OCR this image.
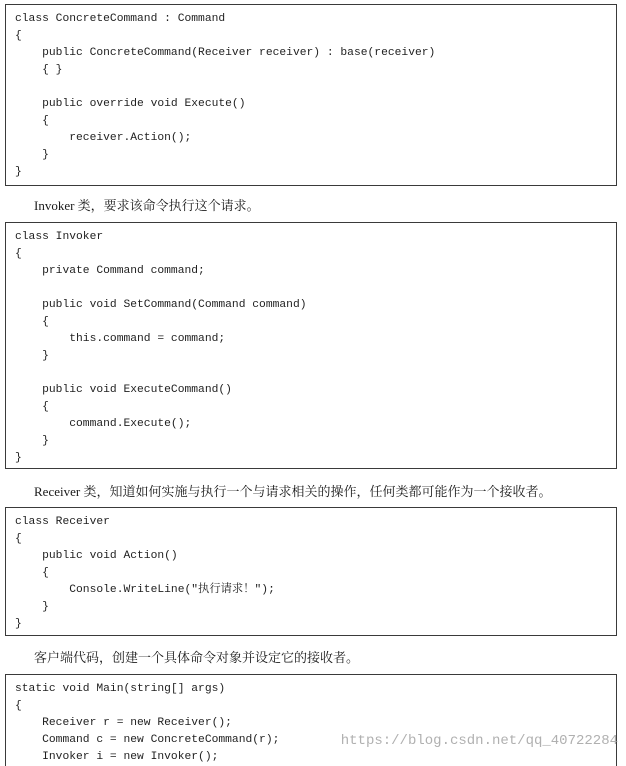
class ConcreteCommand : Command
{
public ConcreteCommand(Receiver receiver) : base(receiver)
{ }
public override void Execute()
{
receiver.Action();
}
}

Invoker 类，要求该命令执行这个请求。

class Invoker
{
private Command command;
public void SetCommand(Command command)
{
this.command = command;
}
public void ExecuteCommand()
{
command.Execute();
}
}

Receiver 类，知道如何实施与执行一个与请求相关的操作，任何类都可能作为一个接收者。

class Receiver
{
public void Action()
{
Console.WriteLine("执行请求！");
}
}

客户端代码，创建一个具体命令对象并设定它的接收者。

static void Main(string[] args)
{
Receiver r = new Receiver();
Command c = new ConcreteCommand(r);
Invoker i = new Invoker();
https://blog.csdn.net/qq_40722284
